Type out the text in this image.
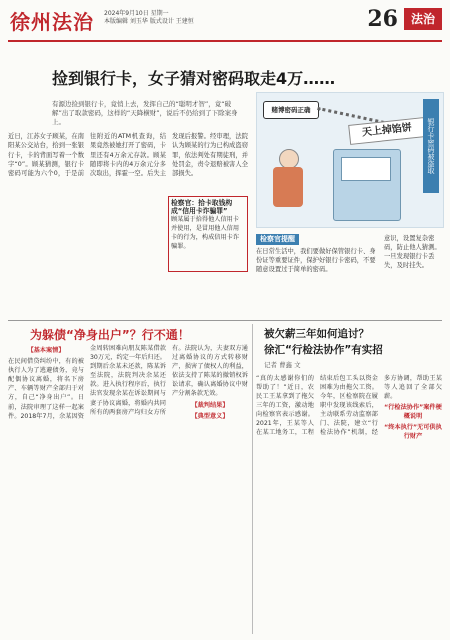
徐州法治 2024年9月10日 星期一
本版编辑 刘玉华 版式设计 王建恒	26	法治
捡到银行卡，女子猜对密码取走4万……
有源边捡到银行卡，竟悄上去，发挥自己的“聪明才智”，竟“破解”出了取款密码，这样的“天降横财”，说后不仍给到了下除案身上。
赌博密码正确
天上掉馅饼	银行卡密码被盗取
近日，江苏女子顾某，在南阳某公交站台，拾到一张银行卡，卡的背面写着一个数字“0”。顾某猜测，银行卡密码可能为六个0，于是前往附近的ATM机查询，结果竟然被她打开了密码，卡里还有4万余元存款。顾某随即将卡内的4万余元分多次取出，挥霍一空。后失主发现后报警。经审理，法院认为顾某的行为已构成盗窃罪，依法判处有期徒刑，并处罚金，责令退赔被害人全部损失。
检察官：拾卡取钱构成“信用卡诈骗罪”
顾某属于拾得他人信用卡并使用，是冒用他人信用卡的行为，构成信用卡诈骗罪。
检察官提醒
在日常生活中，我们要做好保管银行卡、身份证等重要证件，保护好银行卡密码，不要随意设置过于简单的密码。
意识，设置复杂密码，防止他人猜测。一旦发现银行卡丢失，及时挂失。
为躲债“净身出户”？行不通！
【基本案情】
在民间借贷纠纷中，有的被执行人为了逃避债务，竟与配偶协议离婚，将名下房产、车辆等财产全部归于对方，自己“净身出户”。日前，法院审理了这样一起案件。2018年7月，余某因资金周转困难向朋友陈某借款30万元，约定一年后归还。到期后余某未还款，陈某诉至法院，法院判决余某还款。进入执行程序后，执行法官发现余某在诉讼期间与妻子协议离婚，将婚内共同所有的两套房产均归女方所有。法院认为，夫妻双方通过离婚协议的方式转移财产，损害了债权人的利益，依法支持了陈某的撤销权诉讼请求，确认离婚协议中财产分割条款无效。
【裁判结果】
【典型意义】
被欠薪三年如何追讨？
徐汇“行检法协作”有实招
记者 曹鑫 文
“真的太感谢你们的帮助了！”近日，农民工王某拿到了拖欠三年的工资，激动地向检察官表示感谢。2021年，王某等人在某工地务工，工程结束后包工头以资金困难为由拖欠工资。今年，区检察院在履职中发现该线索后，主动联系劳动监察部门、法院，建立“行检法协作”机制，经多方协调，帮助王某等人追回了全部欠薪。
“行检法协作”案件梗概说明
“终本执行”无可供执行财产
